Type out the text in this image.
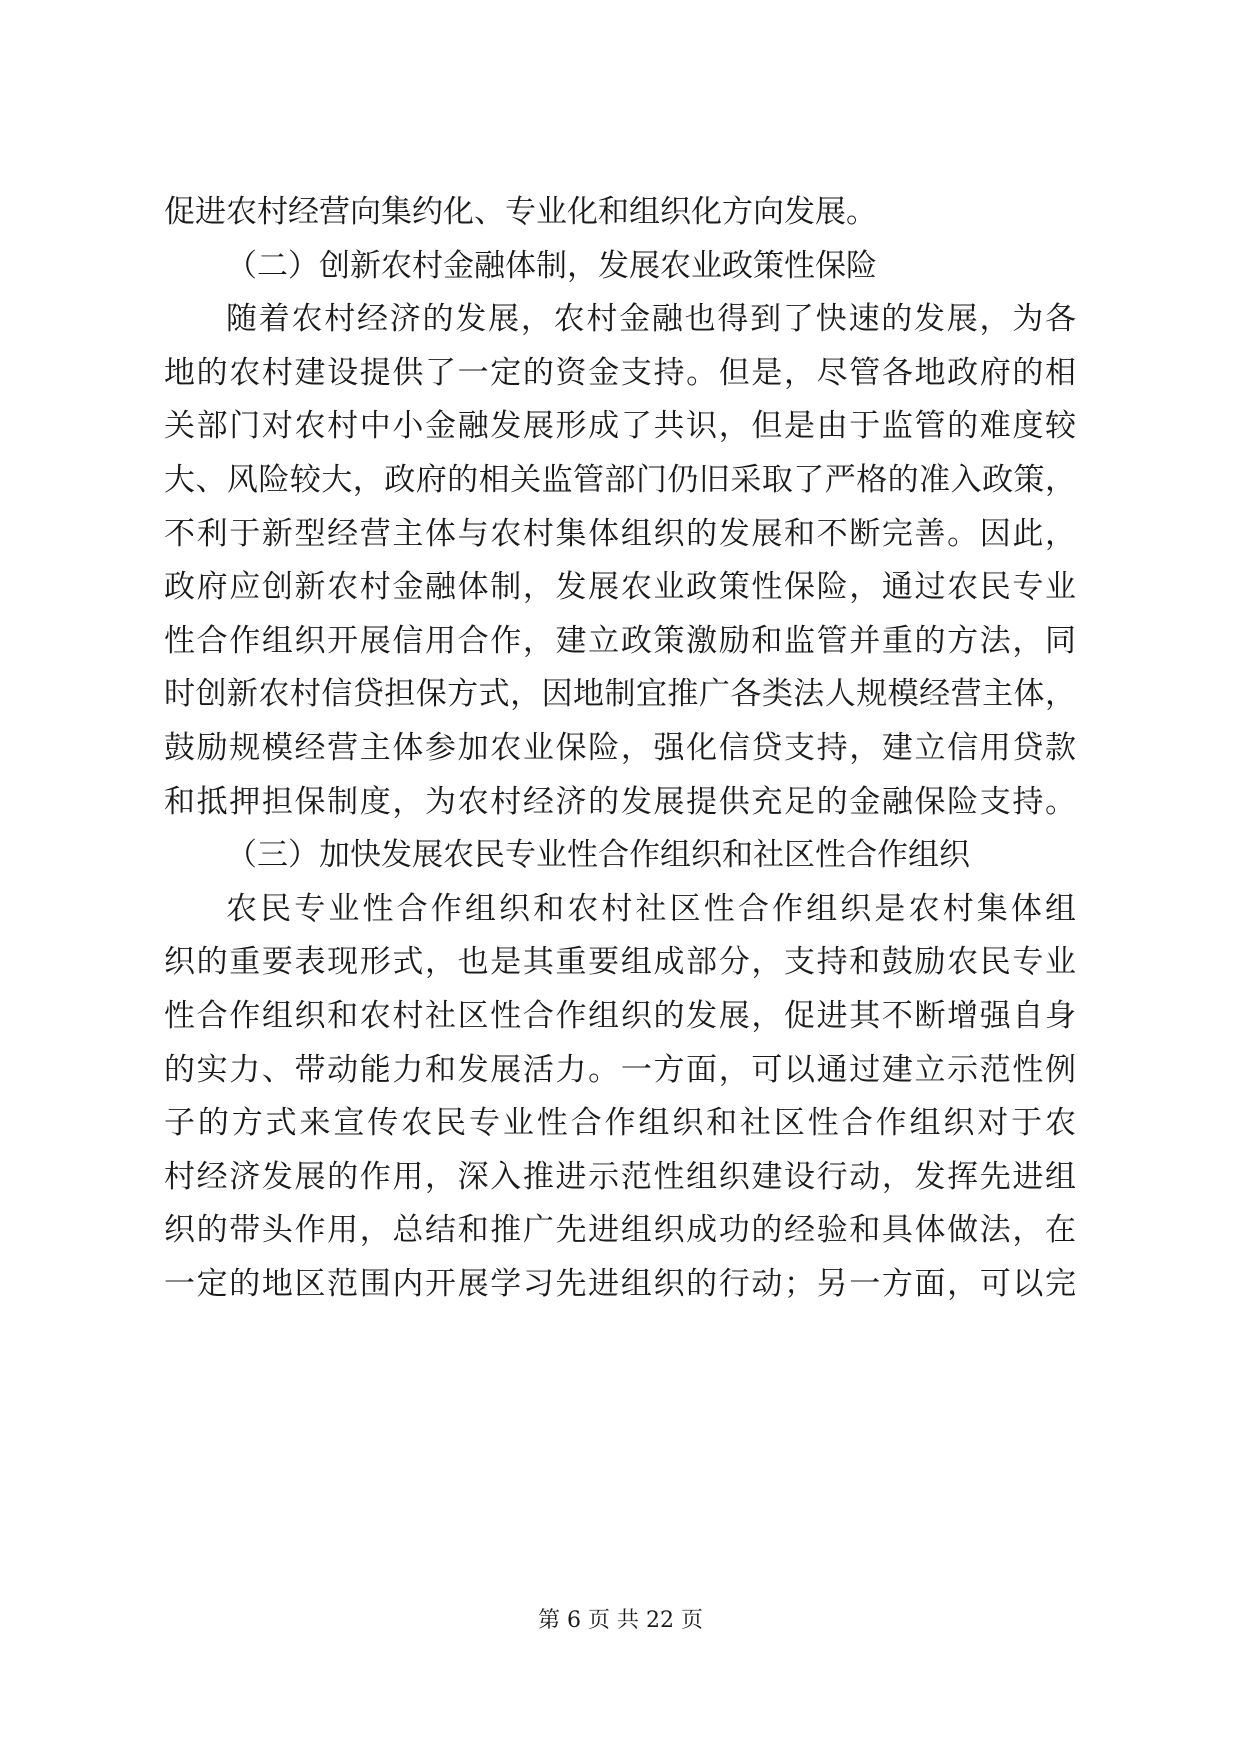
促进农村经营向集约化、专业化和组织化方向发展。
（二）创新农村金融体制，发展农业政策性保险
随着农村经济的发展，农村金融也得到了快速的发展，为各
地的农村建设提供了一定的资金支持。但是，尽管各地政府的相
关部门对农村中小金融发展形成了共识，但是由于监管的难度较
大、风险较大，政府的相关监管部门仍旧采取了严格的准入政策，
不利于新型经营主体与农村集体组织的发展和不断完善。因此，
政府应创新农村金融体制，发展农业政策性保险，通过农民专业
性合作组织开展信用合作，建立政策激励和监管并重的方法，同
时创新农村信贷担保方式，因地制宜推广各类法人规模经营主体，
鼓励规模经营主体参加农业保险，强化信贷支持，建立信用贷款
和抵押担保制度，为农村经济的发展提供充足的金融保险支持。
（三）加快发展农民专业性合作组织和社区性合作组织
农民专业性合作组织和农村社区性合作组织是农村集体组
织的重要表现形式，也是其重要组成部分，支持和鼓励农民专业
性合作组织和农村社区性合作组织的发展，促进其不断增强自身
的实力、带动能力和发展活力。一方面，可以通过建立示范性例
子的方式来宣传农民专业性合作组织和社区性合作组织对于农
村经济发展的作用，深入推进示范性组织建设行动，发挥先进组
织的带头作用，总结和推广先进组织成功的经验和具体做法，在
一定的地区范围内开展学习先进组织的行动；另一方面，可以完
第 6 页 共 22 页
